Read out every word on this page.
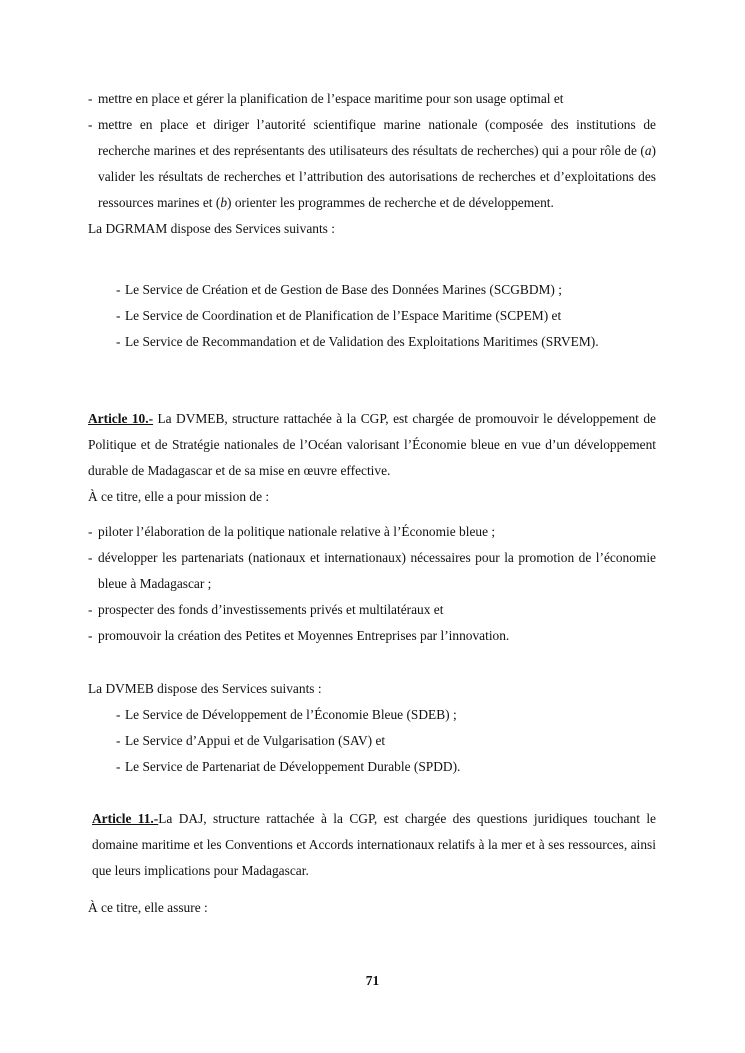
- mettre en place et gérer la planification de l’espace maritime pour son usage optimal et
- mettre en place et diriger l’autorité scientifique marine nationale (composée des institutions de recherche marines et des représentants des utilisateurs des résultats de recherches) qui a pour rôle de (a) valider les résultats de recherches et l’attribution des autorisations de recherches et d’exploitations des ressources marines et (b) orienter les programmes de recherche et de développement.
La DGRMAM dispose des Services suivants :
- Le Service de Création et de Gestion de Base des Données Marines (SCGBDM) ;
- Le Service de Coordination et de Planification de l’Espace Maritime (SCPEM) et
- Le Service de Recommandation et de Validation des Exploitations Maritimes (SRVEM).
Article 10.- La DVMEB, structure rattachée à la CGP, est chargée de promouvoir le développement de Politique et de Stratégie nationales de l’Océan valorisant l’Économie bleue en vue d’un développement durable de Madagascar et de sa mise en œuvre effective.
À ce titre, elle a pour mission de :
- piloter l’élaboration de la politique nationale relative à l’Économie bleue ;
- développer les partenariats (nationaux et internationaux) nécessaires pour la promotion de l’économie bleue à Madagascar ;
- prospecter des fonds d’investissements privés et multilatéraux et
- promouvoir la création des Petites et Moyennes Entreprises par l’innovation.
La DVMEB dispose des Services suivants :
- Le Service de Développement de l’Économie Bleue (SDEB) ;
- Le Service d’Appui et de Vulgarisation (SAV) et
- Le Service de Partenariat de Développement Durable (SPDD).
Article 11.-La DAJ, structure rattachée à la CGP, est chargée des questions juridiques touchant le domaine maritime et les Conventions et Accords internationaux relatifs à la mer et à ses ressources, ainsi que leurs implications pour Madagascar.
À ce titre, elle assure :
71
